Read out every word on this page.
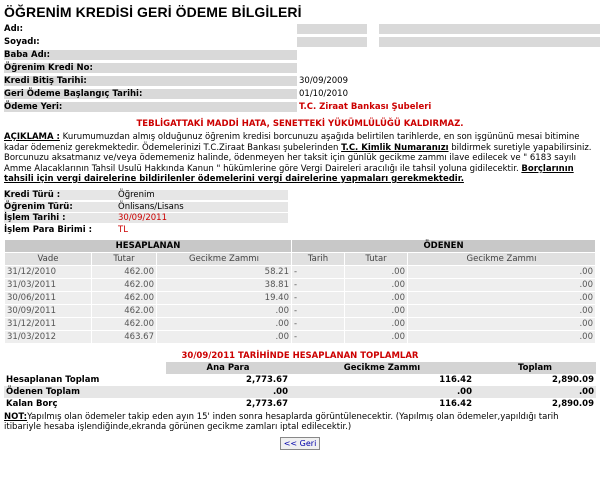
ÖĞRENİM KREDİSİ GERİ ÖDEME BİLGİLERİ
Adı:
Soyadı:
Baba Adı:
Öğrenim Kredi No:
Kredi Bitiş Tarihi:	30/09/2009
Geri Ödeme Başlangıç Tarihi:	01/10/2010
Ödeme Yeri:	T.C. Ziraat Bankası Şubeleri
TEBLİGATTAKİ MADDİ HATA, SENETTEKİ YÜKÜMLÜLÜĞÜ KALDIRMAZ.
AÇIKLAMA : Kurumumuzdan almış olduğunuz öğrenim kredisi borcunuzu aşağıda belirtilen tarihlerde, en son işgününü mesai bitimine kadar ödemeniz gerekmektedir. Ödemelerinizi T.C.Ziraat Bankası şubelerinden T.C. Kimlik Numaranızı bildirmek suretiyle yapabilirsiniz. Borcunuzu aksatmanız ve/veya ödememeniz halinde, ödenmeyen her taksit için günlük gecikme zammı ilave edilecek ve " 6183 sayılı Amme Alacaklarının Tahsil Usulü Hakkında Kanun " hükümlerine göre Vergi Daireleri aracılığı ile tahsil yoluna gidilecektir. Borçlarının tahsili için vergi dairelerine bildirilenler ödemelerini vergi dairelerine yapmaları gerekmektedir.
Kredi Türü :	Öğrenim
Öğrenim Türü:	Önlisans/Lisans
İşlem Tarihi :	30/09/2011
İşlem Para Birimi :	TL
HESAPLANAN			ÖDENEN		
Vade	Tutar	Gecikme Zammı	Tarih	Tutar	Gecikme Zammı
31/12/2010	462.00	58.21	-	.00	.00
31/03/2011	462.00	38.81	-	.00	.00
30/06/2011	462.00	19.40	-	.00	.00
30/09/2011	462.00	.00	-	.00	.00
31/12/2011	462.00	.00	-	.00	.00
31/03/2012	463.67	.00	-	.00	.00
30/09/2011 TARİHİNDE HESAPLANAN TOPLAMLAR
	Ana Para	Gecikme Zammı	Toplam
Hesaplanan Toplam	2,773.67	116.42	2,890.09
Ödenen Toplam	.00	.00	.00
Kalan Borç	2,773.67	116.42	2,890.09
NOT:Yapılmış olan ödemeler takip eden ayın 15' inden sonra hesaplarda görüntülenecektir. (Yapılmış olan ödemeler,yapıldığı tarih itibariyle hesaba işlendiğinde,ekranda görünen gecikme zamları iptal edilecektir.)
<< Geri
